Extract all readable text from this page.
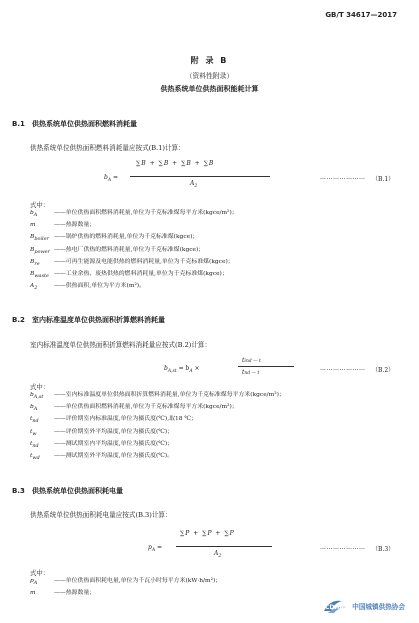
GB/T 34617—2017
附 录 B
（资料性附录）
供热系统单位供热面积能耗计算
B.1 供热系统单位供热面积燃料消耗量
供热系统单位供热面积燃料消耗量应按式(B.1)计算：
$b_A$ =
∑B + ∑B + ∑B + ∑B
$A_2$
………………… （B.1）
式中：
$b_A$	——单位供热面积燃料消耗量,单位为千克标准煤每平方米(kgce/m²)；
m	——热源数量；
$B_{boiler}$ ——锅炉供热的燃料消耗量,单位为千克标准煤(kgce)；
$B_{power}$ ——热电厂供热的燃料消耗量,单位为千克标准煤(kgce)；
$B_{re}$	——可再生能源及电能供热的燃料消耗量,单位为千克标准煤(kgce)；
$B_{waste}$ ——工业余热、废热供热的燃料消耗量,单位为千克标准煤(kgce)；
$A_2$	——供热面积,单位为平方米(m²)。
B.2 室内标准温度单位供热面积折算燃料消耗量
室内标准温度单位供热面积折算燃料消耗量应按式(B.2)计算：
$b_{A,st} = b_A$ ×
tind — t
tnd — t
………………… （B.2）
式中：
$b_{A,st}$	——室内标准温度单位供热面积折算燃料消耗量,单位为千克标准煤每平方米(kgce/m²)；
$b_A$	——单位供热面积燃料消耗量,单位为千克标准煤每平方米(kgce/m²)；
$t_{nd}$	——评价期室内标准温度,单位为摄氏度(℃),取18 ℃；
$t_w$	——评价期室外平均温度,单位为摄氏度(℃)；
$t_{nd}$	——测试期室内平均温度,单位为摄氏度(℃)；
$t_{wd}$	——测试期室外平均温度,单位为摄氏度(℃)。
B.3 供热系统单位供热面积耗电量
供热系统单位供热面积耗电量应按式(B.3)计算：
$p_A$ =
∑P + ∑P + ∑P
$A_2$
………………… （B.3）
式中：
$p_A$	——单位供热面积耗电量,单位为千瓦小时每平方米(kW·h/m²)；
m	——热源数量；
CDHA 中国城镇供热协会
